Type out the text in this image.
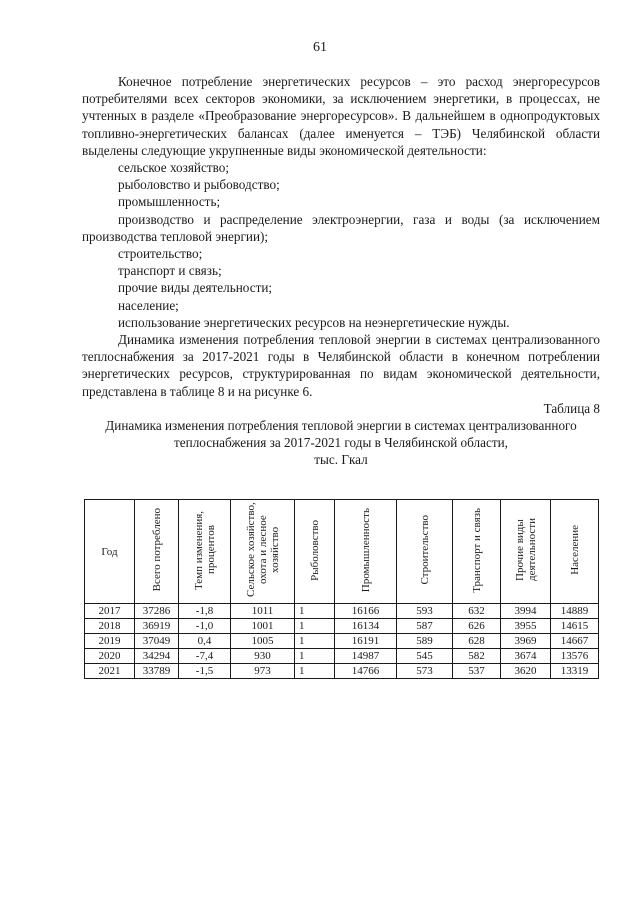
61

Конечное потребление энергетических ресурсов – это расход энергоресурсов потребителями всех секторов экономики, за исключением энергетики, в процессах, не учтенных в разделе «Преобразование энергоресурсов». В дальнейшем в однопродуктовых топливно-энергетических балансах (далее именуется – ТЭБ) Челябинской области выделены следующие укрупненные виды экономической деятельности:

сельское хозяйство;

рыболовство и рыбоводство;

промышленность;

производство и распределение электроэнергии, газа и воды (за исключением производства тепловой энергии);

строительство;

транспорт и связь;

прочие виды деятельности;

население;

использование энергетических ресурсов на неэнергетические нужды.

Динамика изменения потребления тепловой энергии в системах централизованного теплоснабжения за 2017-2021 годы в Челябинской области в конечном потреблении энергетических ресурсов, структурированная по видам экономической деятельности, представлена в таблице 8 и на рисунке 6.

Таблица 8

Динамика изменения потребления тепловой энергии в системах централизованного теплоснабжения за 2017-2021 годы в Челябинской области,

тыс. Гкал

Год	Всего потреблено	Темп изменения, процентов	Сельское хозяйство, охота и лесное хозяйство	Рыболовство	Промышленность	Строительство	Транспорт и связь	Прочие виды деятельности	Население
2017	37286	-1,8	1011	1	16166	593	632	3994	14889
2018	36919	-1,0	1001	1	16134	587	626	3955	14615
2019	37049	0,4	1005	1	16191	589	628	3969	14667
2020	34294	-7,4	930	1	14987	545	582	3674	13576
2021	33789	-1,5	973	1	14766	573	537	3620	13319
